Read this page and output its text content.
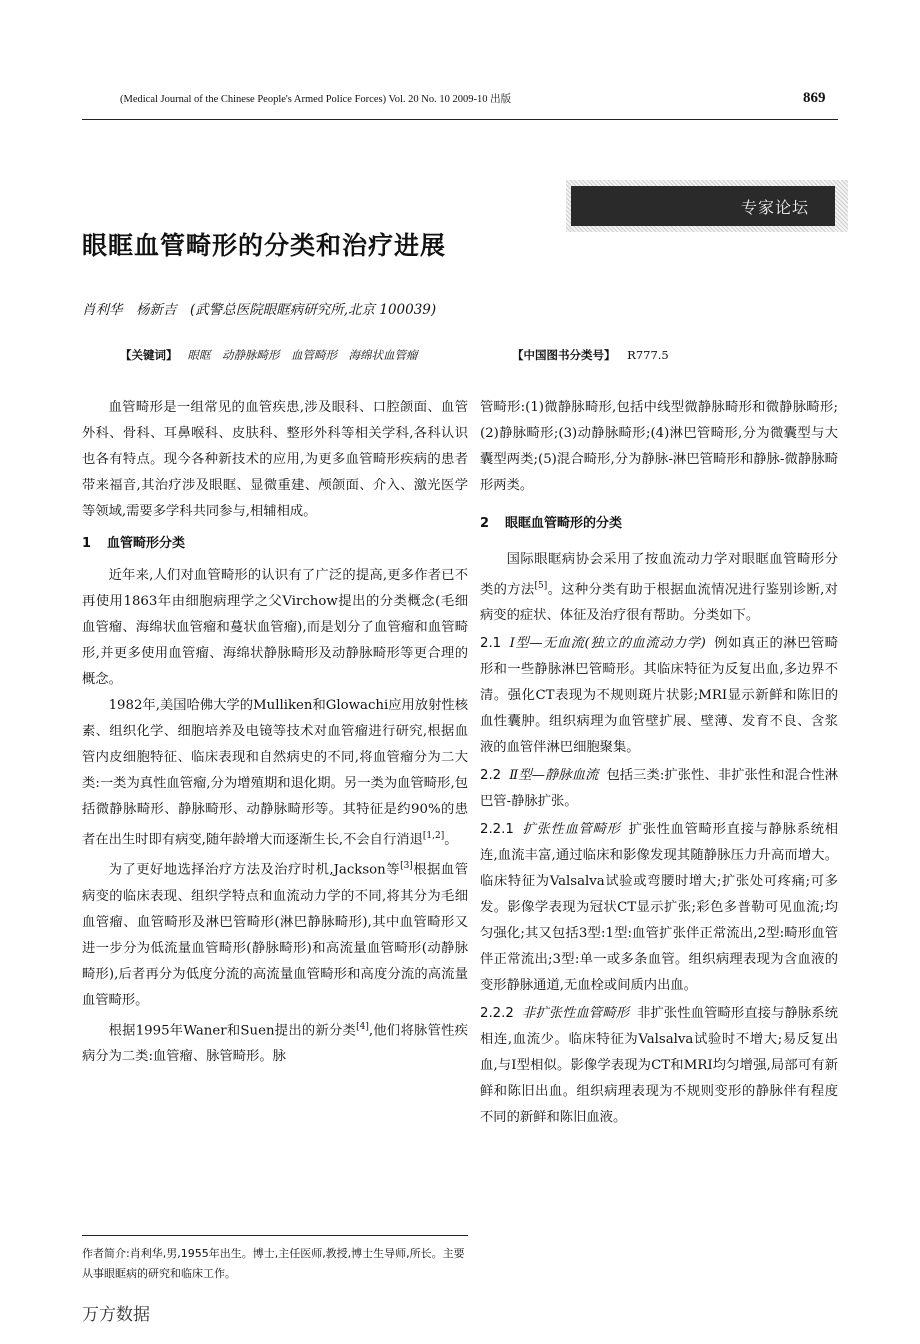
(Medical Journal of the Chinese People's Armed Police Forces) Vol. 20 No. 10 2009-10 出版	869
专家论坛
眼眶血管畸形的分类和治疗进展
肖利华　杨新吉　(武警总医院眼眶病研究所,北京 100039)
【关键词】 眼眶　动静脉畸形　血管畸形　海绵状血管瘤	【中国图书分类号】 R777.5

血管畸形是一组常见的血管疾患,涉及眼科、口腔颌面、血管外科、骨科、耳鼻喉科、皮肤科、整形外科等相关学科,各科认识也各有特点。现今各种新技术的应用,为更多血管畸形疾病的患者带来福音,其治疗涉及眼眶、显微重建、颅颌面、介入、激光医学等领域,需要多学科共同参与,相辅相成。

1 血管畸形分类

近年来,人们对血管畸形的认识有了广泛的提高,更多作者已不再使用1863年由细胞病理学之父Virchow提出的分类概念(毛细血管瘤、海绵状血管瘤和蔓状血管瘤),而是划分了血管瘤和血管畸形,并更多使用血管瘤、海绵状静脉畸形及动静脉畸形等更合理的概念。

1982年,美国哈佛大学的Mulliken和Glowachi应用放射性核素、组织化学、细胞培养及电镜等技术对血管瘤进行研究,根据血管内皮细胞特征、临床表现和自然病史的不同,将血管瘤分为二大类:一类为真性血管瘤,分为增殖期和退化期。另一类为血管畸形,包括微静脉畸形、静脉畸形、动静脉畸形等。其特征是约90%的患者在出生时即有病变,随年龄增大而逐渐生长,不会自行消退[1,2]。

为了更好地选择治疗方法及治疗时机,Jackson等[3]根据血管病变的临床表现、组织学特点和血流动力学的不同,将其分为毛细血管瘤、血管畸形及淋巴管畸形(淋巴静脉畸形),其中血管畸形又进一步分为低流量血管畸形(静脉畸形)和高流量血管畸形(动静脉畸形),后者再分为低度分流的高流量血管畸形和高度分流的高流量血管畸形。

根据1995年Waner和Suen提出的新分类[4],他们将脉管性疾病分为二类:血管瘤、脉管畸形。脉

管畸形:(1)微静脉畸形,包括中线型微静脉畸形和微静脉畸形;(2)静脉畸形;(3)动静脉畸形;(4)淋巴管畸形,分为微囊型与大囊型两类;(5)混合畸形,分为静脉-淋巴管畸形和静脉-微静脉畸形两类。

2 眼眶血管畸形的分类

国际眼眶病协会采用了按血流动力学对眼眶血管畸形分类的方法[5]。这种分类有助于根据血流情况进行鉴别诊断,对病变的症状、体征及治疗很有帮助。分类如下。

2.1 Ⅰ型—无血流(独立的血流动力学) 例如真正的淋巴管畸形和一些静脉淋巴管畸形。其临床特征为反复出血,多边界不清。强化CT表现为不规则斑片状影;MRI显示新鲜和陈旧的血性囊肿。组织病理为血管壁扩展、壁薄、发育不良、含浆液的血管伴淋巴细胞聚集。

2.2 Ⅱ型—静脉血流 包括三类:扩张性、非扩张性和混合性淋巴管-静脉扩张。

2.2.1 扩张性血管畸形 扩张性血管畸形直接与静脉系统相连,血流丰富,通过临床和影像发现其随静脉压力升高而增大。临床特征为Valsalva试验或弯腰时增大;扩张处可疼痛;可多发。影像学表现为冠状CT显示扩张;彩色多普勒可见血流;均匀强化;其又包括3型:1型:血管扩张伴正常流出,2型:畸形血管伴正常流出;3型:单一或多条血管。组织病理表现为含血液的变形静脉通道,无血栓或间质内出血。

2.2.2 非扩张性血管畸形 非扩张性血管畸形直接与静脉系统相连,血流少。临床特征为Valsalva试验时不增大;易反复出血,与Ⅰ型相似。影像学表现为CT和MRI均匀增强,局部可有新鲜和陈旧出血。组织病理表现为不规则变形的静脉伴有程度不同的新鲜和陈旧血液。

作者简介:肖利华,男,1955年出生。博士,主任医师,教授,博士生导师,所长。主要从事眼眶病的研究和临床工作。
万方数据
